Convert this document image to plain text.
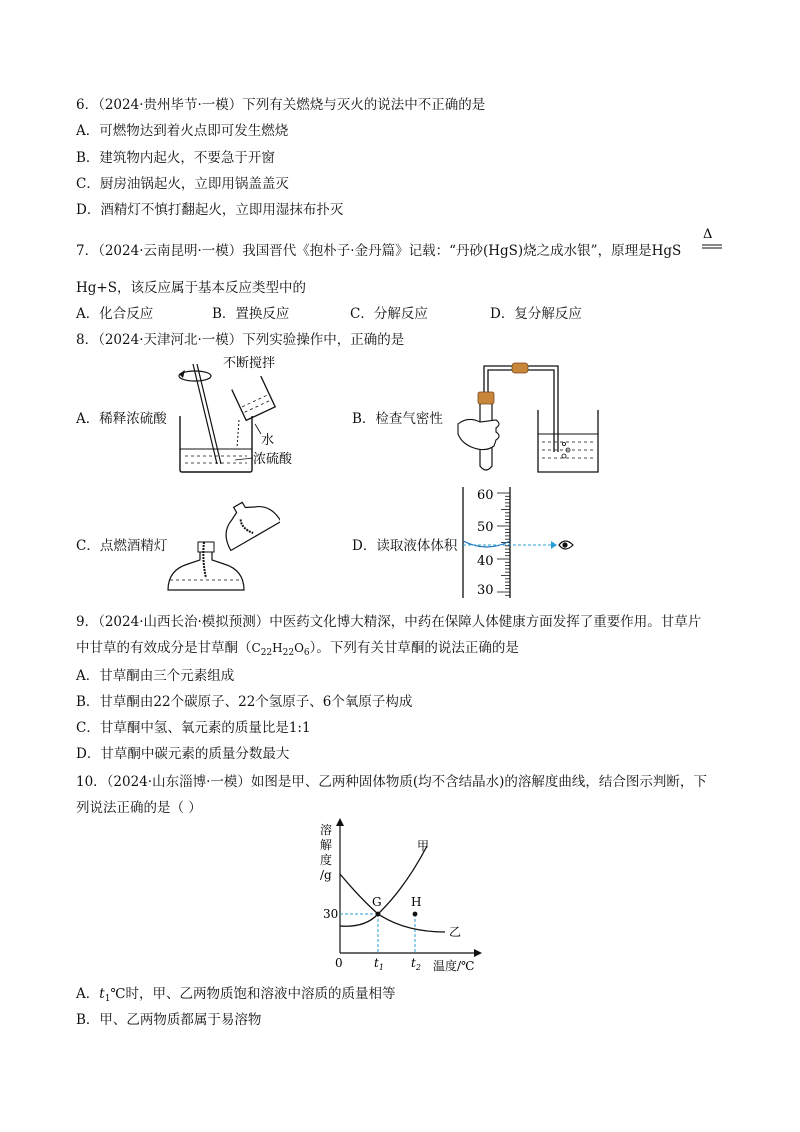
6．（2024·贵州毕节·一模）下列有关燃烧与灭火的说法中不正确的是
A．可燃物达到着火点即可发生燃烧
B．建筑物内起火，不要急于开窗
C．厨房油锅起火，立即用锅盖盖灭
D．酒精灯不慎打翻起火，立即用湿抹布扑灭
7．（2024·云南昆明·一模）我国晋代《抱朴子·金丹篇》记载：“丹砂(HgS)烧之成水银”，原理是HgS
Δ
Hg+S，该反应属于基本反应类型中的
A．化合反应	B．置换反应	C．分解反应	D．复分解反应
8．（2024·天津河北·一模）下列实验操作中，正确的是
A．稀释浓硫酸	B．检查气密性
C．点燃酒精灯	D．读取液体体积
不断搅拌
水
浓硫酸
60
50
40
30
9．（2024·山西长治·模拟预测）中医药文化博大精深，中药在保障人体健康方面发挥了重要作用。甘草片
中甘草的有效成分是甘草酮$(C_{22}H_{22}O_6)$。下列有关甘草酮的说法正确的是
A．甘草酮由三个元素组成
B．甘草酮由22个碳原子、22个氢原子、6个氧原子构成
C．甘草酮中氢、氧元素的质量比是1:1
D．甘草酮中碳元素的质量分数最大
10．（2024·山东淄博·一模）如图是甲、乙两种固体物质(均不含结晶水)的溶解度曲线，结合图示判断，下
列说法正确的是（ ）
溶
解
度
/g
甲
乙
G H
30
0	$t_1$ $t_2$ 温度/℃
A．$t_1℃$时，甲、乙两物质饱和溶液中溶质的质量相等
B．甲、乙两物质都属于易溶物
